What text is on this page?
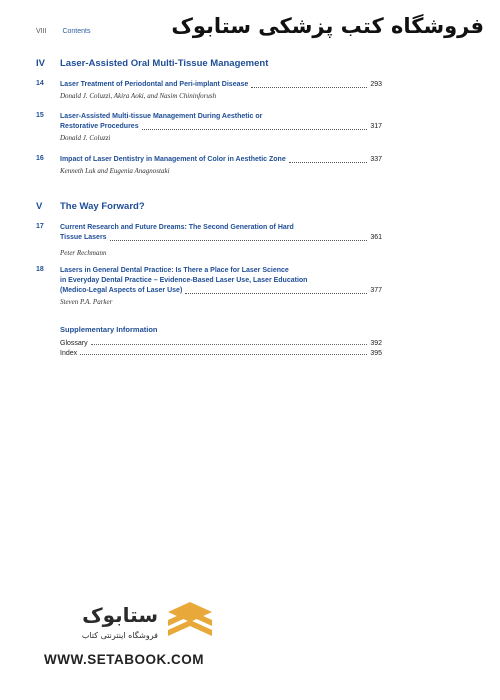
VIII Contents	فروشگاه کتب پزشکی ستابوک
IV Laser-Assisted Oral Multi-Tissue Management
14 Laser Treatment of Periodontal and Peri-implant Disease	293
Donald J. Coluzzi, Akira Aoki, and Nasim Chininforush
15 Laser-Assisted Multi-tissue Management During Aesthetic or
Restorative Procedures	317
Donald J. Coluzzi
16 Impact of Laser Dentistry in Management of Color in Aesthetic Zone	337
Kenneth Luk and Eugenia Anagnostaki
V The Way Forward?
17 Current Research and Future Dreams: The Second Generation of Hard
Tissue Lasers	361
Peter Rechmann
18 Lasers in General Dental Practice: Is There a Place for Laser Science
in Everyday Dental Practice – Evidence-Based Laser Use, Laser Education
(Medico-Legal Aspects of Laser Use)	377
Steven P.A. Parker
Supplementary Information
Glossary	392
Index	395
ستابوک
فروشگاه اینترنتی کتاب
WWW.SETABOOK.COM
